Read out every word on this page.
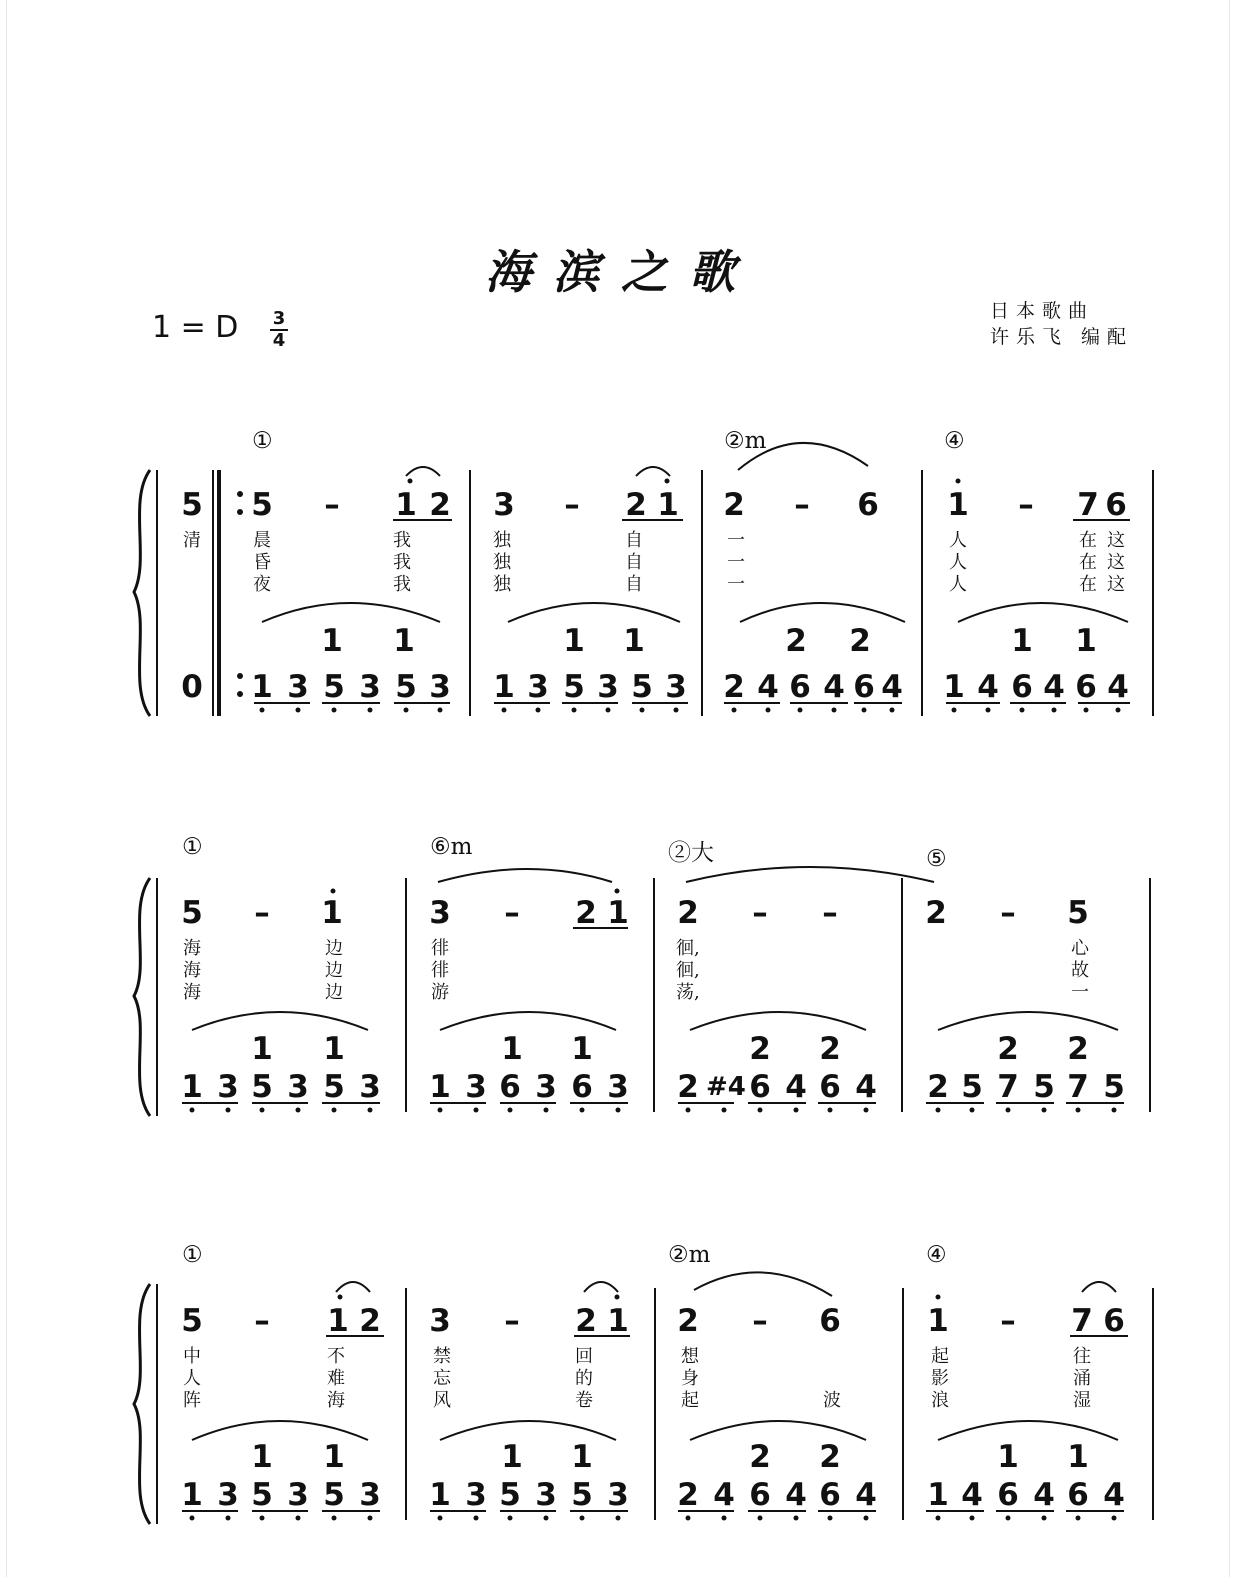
海滨之歌
1 = D 3
4
日本歌曲
许乐飞 编配
①	②m	④
①	⑥m	②大	⑤
①	②m	④
5
0
清
5 – 1 2
晨
昏
夜
我
我
我
1 1
1 3 5 3 5 3
3 – 2 1
独
独
独
自
自
自
1 1
1 3 5 3 5 3
2 – 6
一
一
一
2 2
2 4 6 4 6 4
1 – 7 6
人
人
人
在
在
在
这
这
这
1 1
1 4 6 4 6 4
5 – 1
海
海
海
边
边
边
1 1
1 3 5 3 5 3
3 – 2 1
徘
徘
游
1 1
1 3 6 3 6 3
2 – –
徊,
徊,
荡,
2 2
2 #4 6 4 6 4
2 – 5
心
故
一
2 2
2 5 7 5 7 5
5 – 1 2
中
人
阵
不
难
海
1 1
1 3 5 3 5 3
3 – 2 1
禁
忘
风
回
的
卷
1 1
1 3 5 3 5 3
2 – 6
想
身
起	波
2 2
2 4 6 4 6 4
1 – 7 6
起
影
浪
往
涌
湿
1 1
1 4 6 4 6 4
